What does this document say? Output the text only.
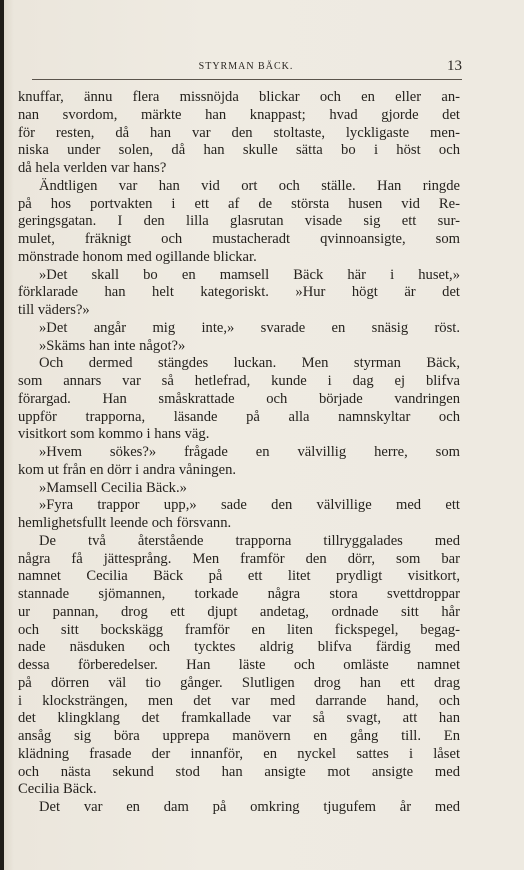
STYRMAN BÄCK.	13
knuffar, ännu flera missnöjda blickar och en eller an-
nan svordom, märkte han knappast; hvad gjorde det
för resten, då han var den stoltaste, lyckligaste men-
niska under solen, då han skulle sätta bo i höst och
då hela verlden var hans?
Ändtligen var han vid ort och ställe. Han ringde
på hos portvakten i ett af de största husen vid Re-
geringsgatan. I den lilla glasrutan visade sig ett sur-
mulet, fräknigt och mustacheradt qvinnoansigte, som
mönstrade honom med ogillande blickar.
»Det skall bo en mamsell Bäck här i huset,»
förklarade han helt kategoriskt. »Hur högt är det
till väders?»
»Det angår mig inte,» svarade en snäsig röst.
»Skäms han inte något?»
Och dermed stängdes luckan. Men styrman Bäck,
som annars var så hetlefrad, kunde i dag ej blifva
förargad. Han småskrattade och började vandringen
uppför trapporna, läsande på alla namnskyltar och
visitkort som kommo i hans väg.
»Hvem sökes?» frågade en välvillig herre, som
kom ut från en dörr i andra våningen.
»Mamsell Cecilia Bäck.»
»Fyra trappor upp,» sade den välvillige med ett
hemlighetsfullt leende och försvann.
De två återstående trapporna tillryggalades med
några få jättesprång. Men framför den dörr, som bar
namnet Cecilia Bäck på ett litet prydligt visitkort,
stannade sjömannen, torkade några stora svettdroppar
ur pannan, drog ett djupt andetag, ordnade sitt hår
och sitt bockskägg framför en liten fickspegel, begag-
nade näsduken och tycktes aldrig blifva färdig med
dessa förberedelser. Han läste och omläste namnet
på dörren väl tio gånger. Slutligen drog han ett drag
i klocksträngen, men det var med darrande hand, och
det klingklang det framkallade var så svagt, att han
ansåg sig böra upprepa manövern en gång till. En
klädning frasade der innanför, en nyckel sattes i låset
och nästa sekund stod han ansigte mot ansigte med
Cecilia Bäck.
Det var en dam på omkring tjugufem år med
